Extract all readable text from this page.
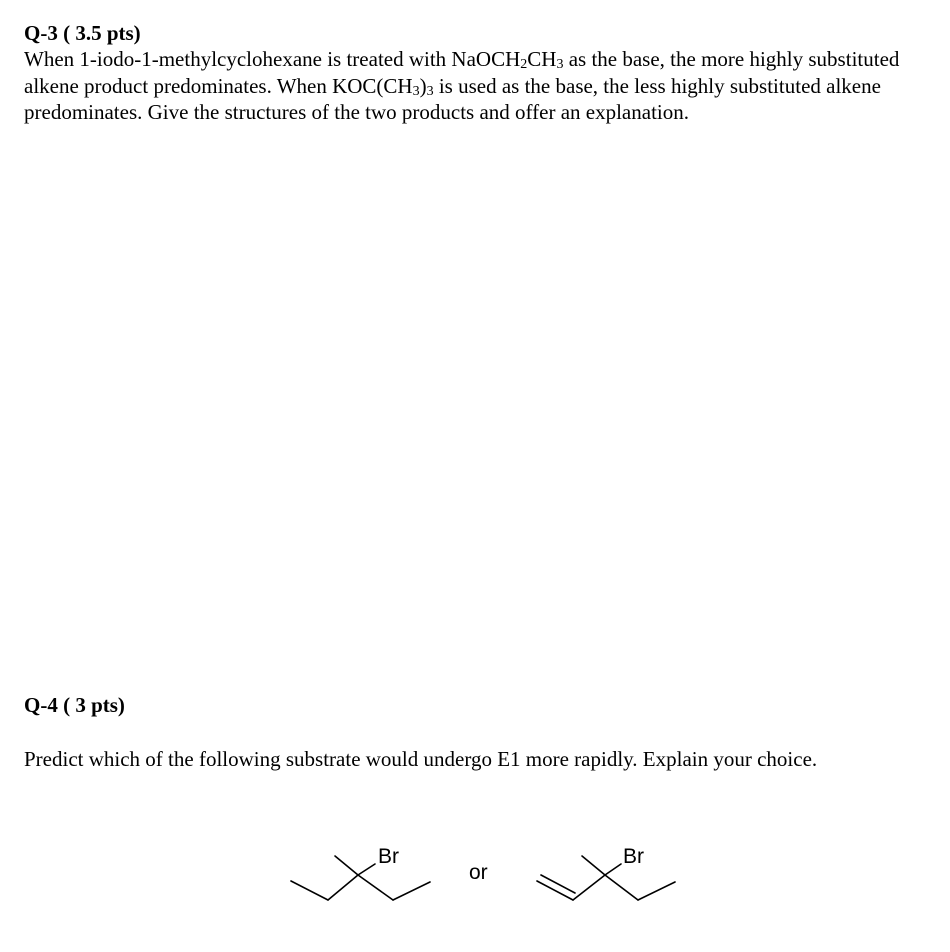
Q-3 ( 3.5 pts)
When 1-iodo-1-methylcyclohexane is treated with $NaOCH_2CH_3$ as the base, the more highly substituted alkene product predominates. When $KOC(CH_3)_3$ is used as the base, the less highly substituted alkene predominates. Give the structures of the two products and offer an explanation.
Q-4 ( 3 pts)
Predict which of the following substrate would undergo E1 more rapidly. Explain your choice.
Br
or
Br
